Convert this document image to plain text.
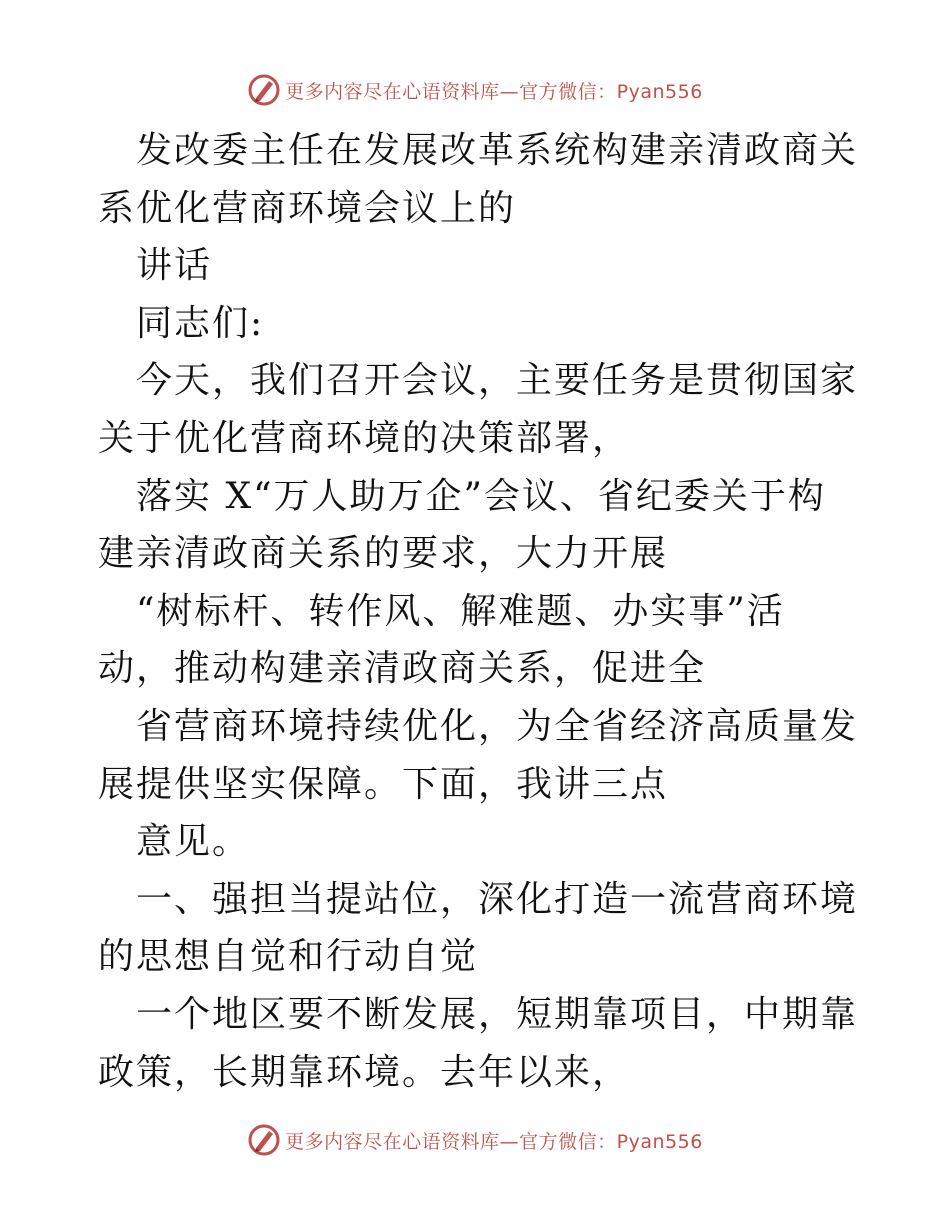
更多内容尽在心语资料库—官方微信：Pyan556

发改委主任在发展改革系统构建亲清政商关系优化营商环境会议上的

讲话

同志们:

今天，我们召开会议，主要任务是贯彻国家关于优化营商环境的决策部署，

落实 X“万人助万企”会议、省纪委关于构建亲清政商关系的要求，大力开展

“树标杆、转作风、解难题、办实事”活动，推动构建亲清政商关系，促进全

省营商环境持续优化，为全省经济高质量发展提供坚实保障。下面，我讲三点

意见。

一、强担当提站位，深化打造一流营商环境的思想自觉和行动自觉

一个地区要不断发展，短期靠项目，中期靠政策，长期靠环境。去年以来，

更多内容尽在心语资料库—官方微信：Pyan556
